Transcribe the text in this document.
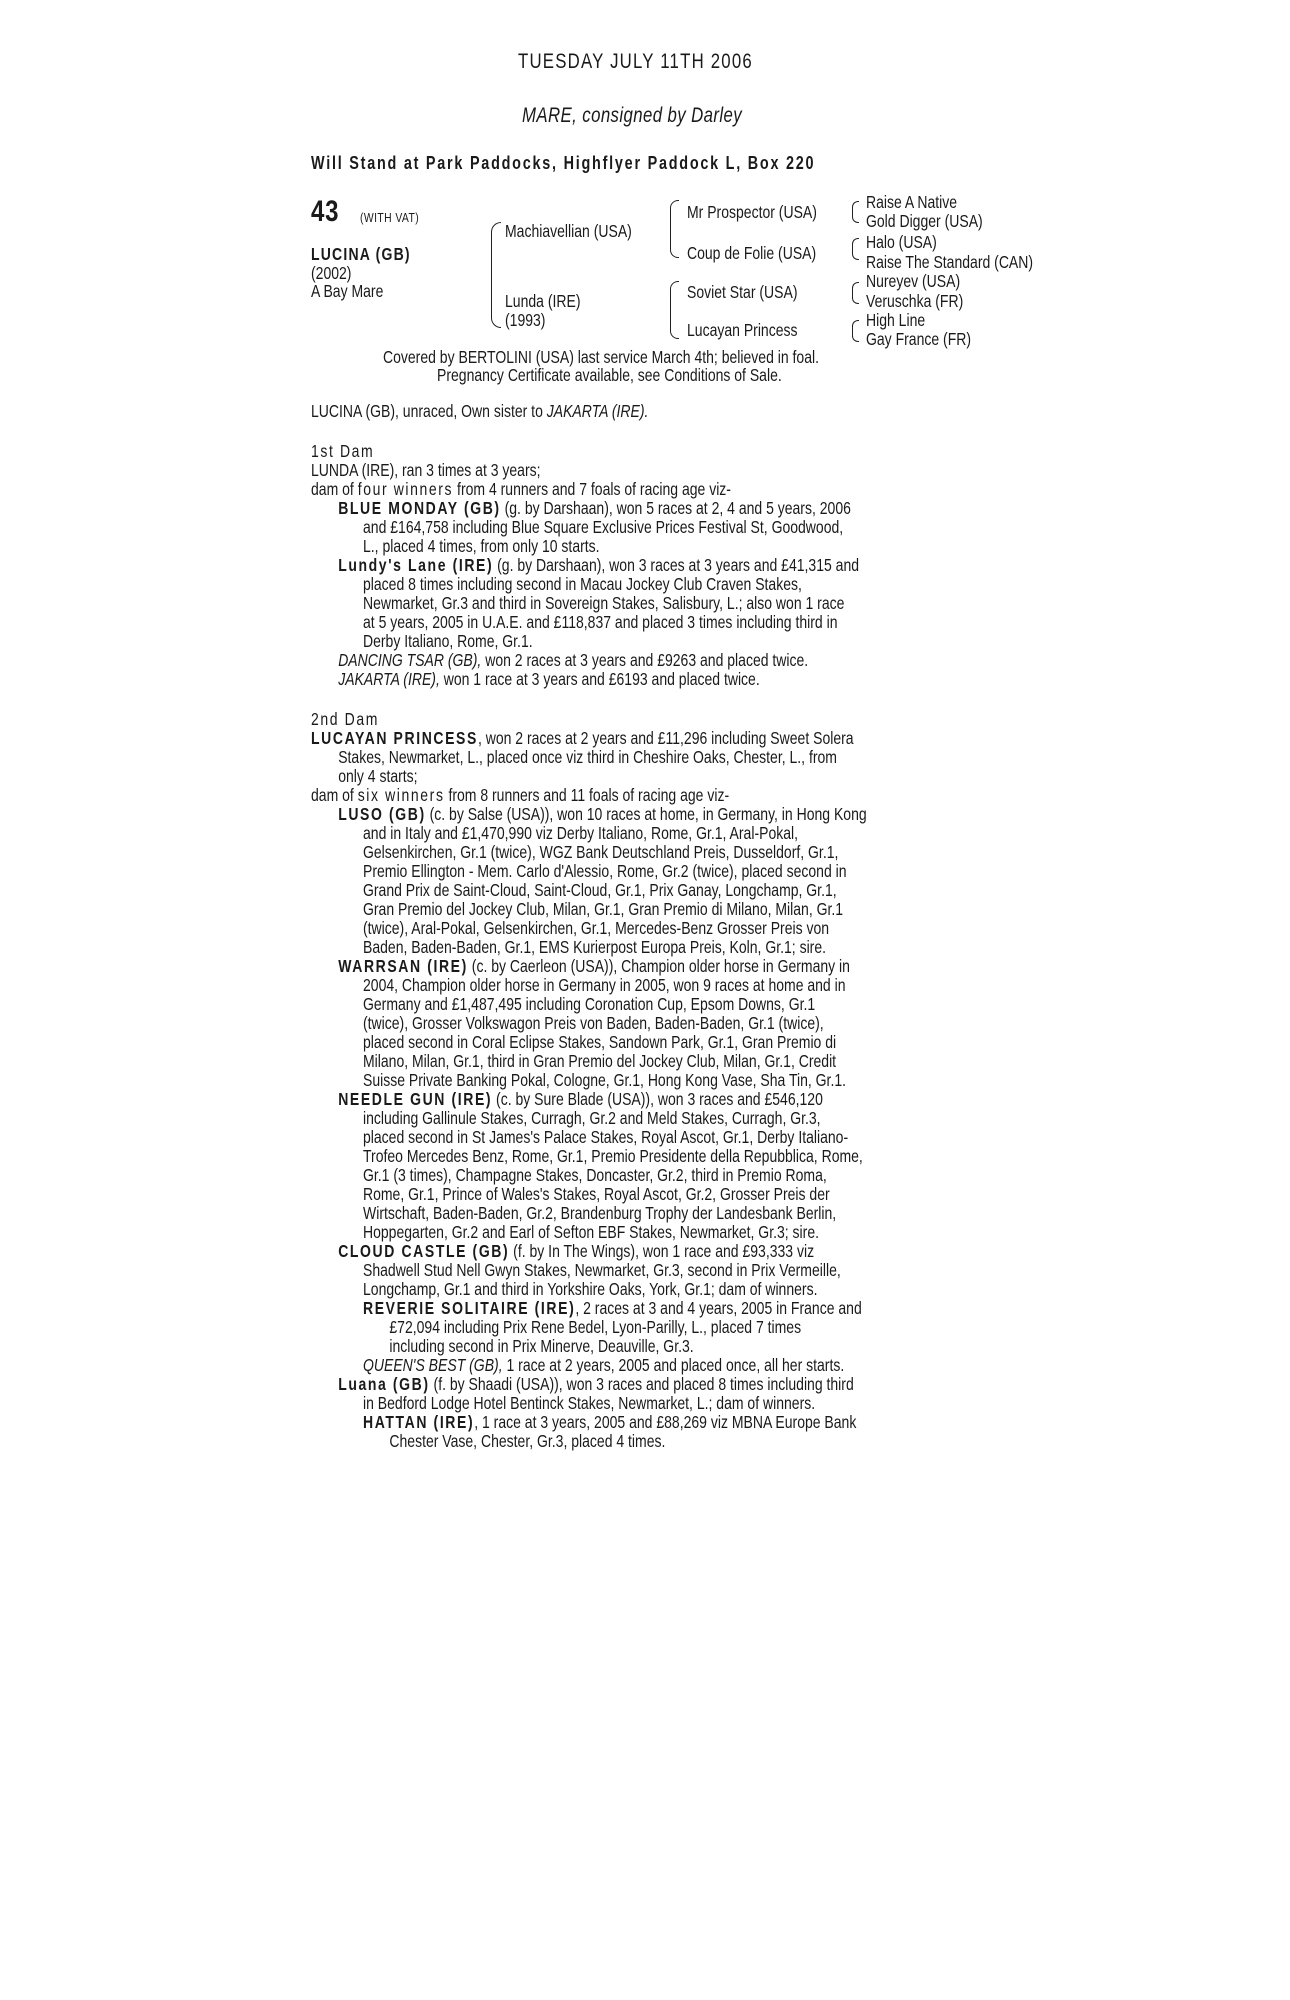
TUESDAY JULY 11TH 2006
MARE, consigned by Darley
Will Stand at Park Paddocks, Highflyer Paddock L, Box 220
43	(WITH VAT)
LUCINA (GB)
(2002)
A Bay Mare
Machiavellian (USA)
Lunda (IRE)
(1993)
Mr Prospector (USA)
Coup de Folie (USA)
Soviet Star (USA)
Lucayan Princess
Raise A Native
Gold Digger (USA)
Halo (USA)
Raise The Standard (CAN)
Nureyev (USA)
Veruschka (FR)
High Line
Gay France (FR)
Covered by BERTOLINI (USA) last service March 4th; believed in foal.
Pregnancy Certificate available, see Conditions of Sale.
LUCINA (GB), unraced, Own sister to JAKARTA (IRE).
1st Dam
LUNDA (IRE), ran 3 times at 3 years;
dam of four winners from 4 runners and 7 foals of racing age viz-
BLUE MONDAY (GB) (g. by Darshaan), won 5 races at 2, 4 and 5 years, 2006
and £164,758 including Blue Square Exclusive Prices Festival St, Goodwood,
L., placed 4 times, from only 10 starts.
Lundy's Lane (IRE) (g. by Darshaan), won 3 races at 3 years and £41,315 and
placed 8 times including second in Macau Jockey Club Craven Stakes,
Newmarket, Gr.3 and third in Sovereign Stakes, Salisbury, L.; also won 1 race
at 5 years, 2005 in U.A.E. and £118,837 and placed 3 times including third in
Derby Italiano, Rome, Gr.1.
DANCING TSAR (GB), won 2 races at 3 years and £9263 and placed twice.
JAKARTA (IRE), won 1 race at 3 years and £6193 and placed twice.
2nd Dam
LUCAYAN PRINCESS, won 2 races at 2 years and £11,296 including Sweet Solera
Stakes, Newmarket, L., placed once viz third in Cheshire Oaks, Chester, L., from
only 4 starts;
dam of six winners from 8 runners and 11 foals of racing age viz-
LUSO (GB) (c. by Salse (USA)), won 10 races at home, in Germany, in Hong Kong
and in Italy and £1,470,990 viz Derby Italiano, Rome, Gr.1, Aral-Pokal,
Gelsenkirchen, Gr.1 (twice), WGZ Bank Deutschland Preis, Dusseldorf, Gr.1,
Premio Ellington - Mem. Carlo d'Alessio, Rome, Gr.2 (twice), placed second in
Grand Prix de Saint-Cloud, Saint-Cloud, Gr.1, Prix Ganay, Longchamp, Gr.1,
Gran Premio del Jockey Club, Milan, Gr.1, Gran Premio di Milano, Milan, Gr.1
(twice), Aral-Pokal, Gelsenkirchen, Gr.1, Mercedes-Benz Grosser Preis von
Baden, Baden-Baden, Gr.1, EMS Kurierpost Europa Preis, Koln, Gr.1; sire.
WARRSAN (IRE) (c. by Caerleon (USA)), Champion older horse in Germany in
2004, Champion older horse in Germany in 2005, won 9 races at home and in
Germany and £1,487,495 including Coronation Cup, Epsom Downs, Gr.1
(twice), Grosser Volkswagon Preis von Baden, Baden-Baden, Gr.1 (twice),
placed second in Coral Eclipse Stakes, Sandown Park, Gr.1, Gran Premio di
Milano, Milan, Gr.1, third in Gran Premio del Jockey Club, Milan, Gr.1, Credit
Suisse Private Banking Pokal, Cologne, Gr.1, Hong Kong Vase, Sha Tin, Gr.1.
NEEDLE GUN (IRE) (c. by Sure Blade (USA)), won 3 races and £546,120
including Gallinule Stakes, Curragh, Gr.2 and Meld Stakes, Curragh, Gr.3,
placed second in St James's Palace Stakes, Royal Ascot, Gr.1, Derby Italiano-
Trofeo Mercedes Benz, Rome, Gr.1, Premio Presidente della Repubblica, Rome,
Gr.1 (3 times), Champagne Stakes, Doncaster, Gr.2, third in Premio Roma,
Rome, Gr.1, Prince of Wales's Stakes, Royal Ascot, Gr.2, Grosser Preis der
Wirtschaft, Baden-Baden, Gr.2, Brandenburg Trophy der Landesbank Berlin,
Hoppegarten, Gr.2 and Earl of Sefton EBF Stakes, Newmarket, Gr.3; sire.
CLOUD CASTLE (GB) (f. by In The Wings), won 1 race and £93,333 viz
Shadwell Stud Nell Gwyn Stakes, Newmarket, Gr.3, second in Prix Vermeille,
Longchamp, Gr.1 and third in Yorkshire Oaks, York, Gr.1; dam of winners.
REVERIE SOLITAIRE (IRE), 2 races at 3 and 4 years, 2005 in France and
£72,094 including Prix Rene Bedel, Lyon-Parilly, L., placed 7 times
including second in Prix Minerve, Deauville, Gr.3.
QUEEN'S BEST (GB), 1 race at 2 years, 2005 and placed once, all her starts.
Luana (GB) (f. by Shaadi (USA)), won 3 races and placed 8 times including third
in Bedford Lodge Hotel Bentinck Stakes, Newmarket, L.; dam of winners.
HATTAN (IRE), 1 race at 3 years, 2005 and £88,269 viz MBNA Europe Bank
Chester Vase, Chester, Gr.3, placed 4 times.
